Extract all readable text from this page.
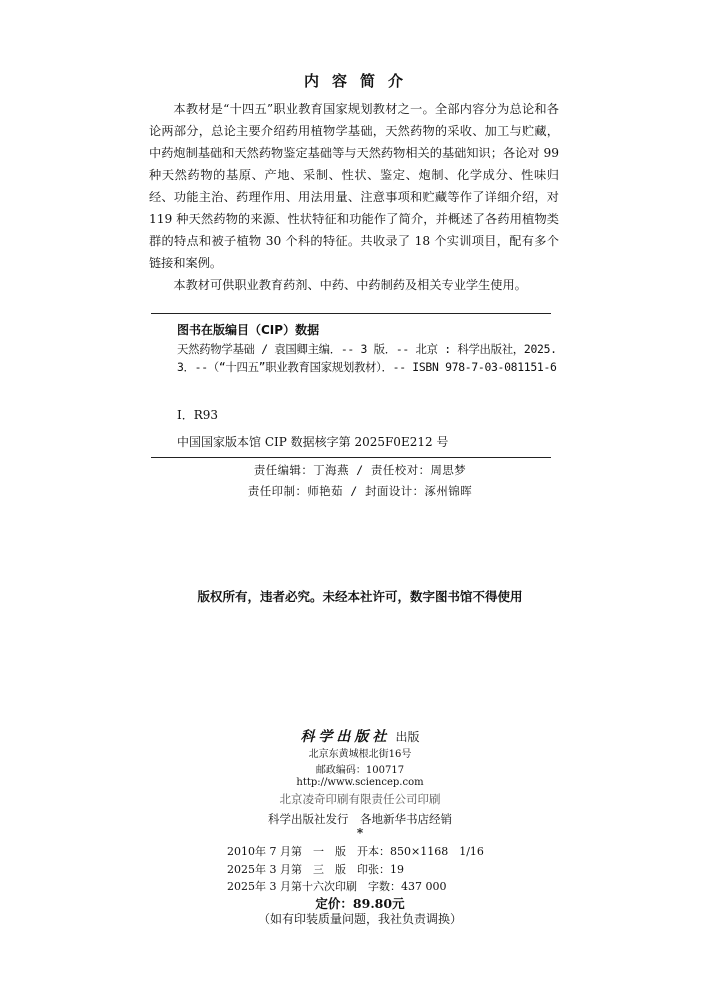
内容简介

本教材是“十四五”职业教育国家规划教材之一。全部内容分为总论和各论两部分，总论主要介绍药用植物学基础，天然药物的采收、加工与贮藏，中药炮制基础和天然药物鉴定基础等与天然药物相关的基础知识；各论对 99 种天然药物的基原、产地、采制、性状、鉴定、炮制、化学成分、性味归经、功能主治、药理作用、用法用量、注意事项和贮藏等作了详细介绍，对 119 种天然药物的来源、性状特征和功能作了简介，并概述了各药用植物类群的特点和被子植物 30 个科的特征。共收录了 18 个实训项目，配有多个链接和案例。

本教材可供职业教育药剂、中药、中药制药及相关专业学生使用。

图书在版编目（CIP）数据
天然药物学基础 / 袁国卿主编．-- 3 版．-- 北京 : 科学出版社，2025.3．--（“十四五”职业教育国家规划教材）．-- ISBN 978-7-03-081151-6
Ⅰ．R93
中国国家版本馆 CIP 数据核字第 2025F0E212 号
责任编辑：丁海燕 / 责任校对：周思梦
责任印制：师艳茹 / 封面设计：涿州锦晖
版权所有，违者必究。未经本社许可，数字图书馆不得使用
科学出版社 出版
北京东黄城根北街16号
邮政编码：100717
http://www.sciencep.com
北京凌奇印刷有限责任公司印刷
科学出版社发行　各地新华书店经销
*
2010年 7 月第　一　版　开本：850×1168　1/16
2025年 3 月第　三　版　印张：19
2025年 3 月第十六次印刷　字数：437 000
定价：89.80元
（如有印装质量问题，我社负责调换）
